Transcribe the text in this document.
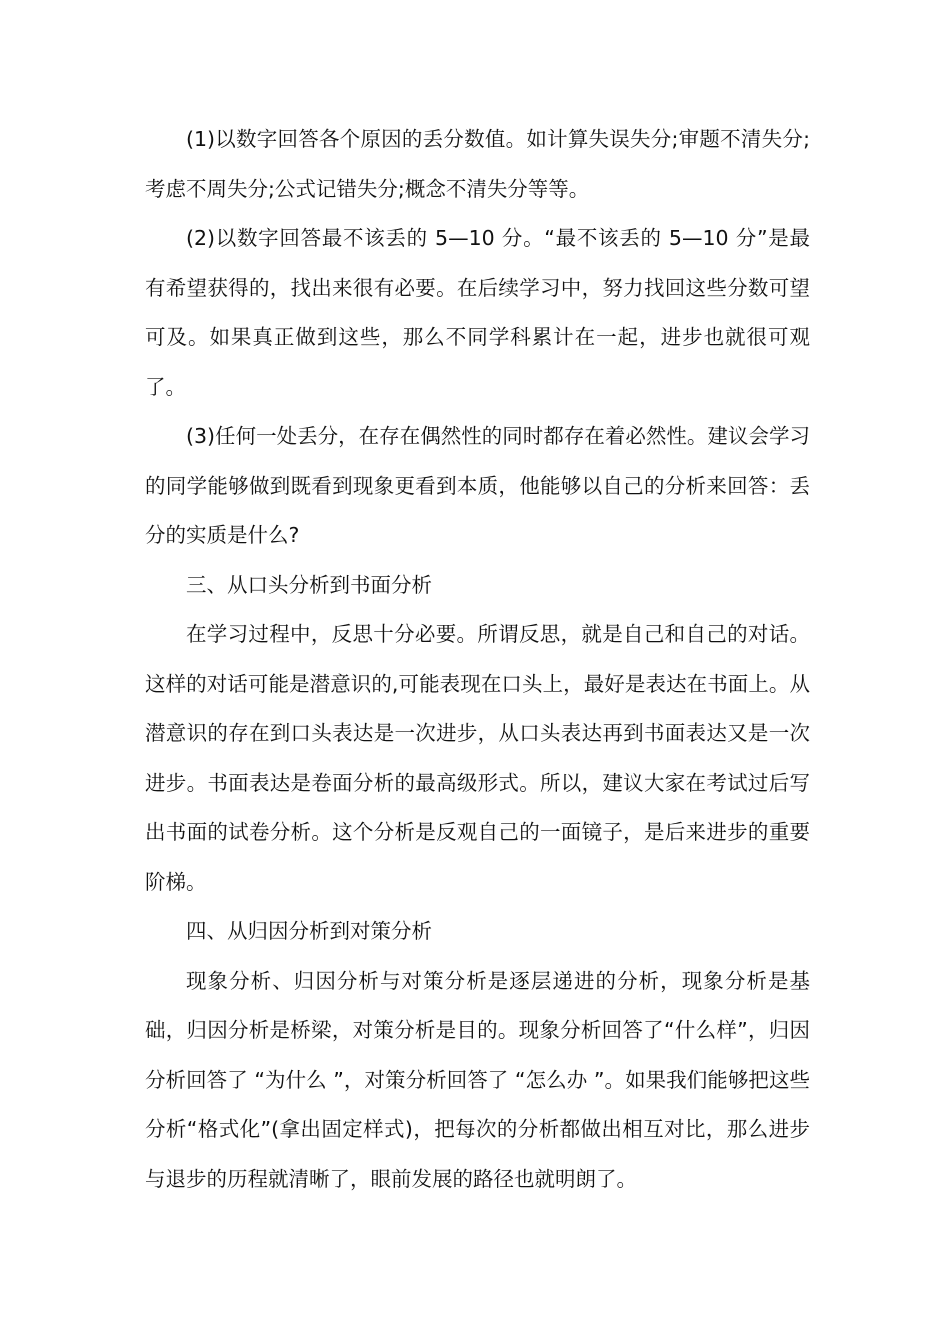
(1)以数字回答各个原因的丢分数值。如计算失误失分;审题不清失分;考虑不周失分;公式记错失分;概念不清失分等等。

(2)以数字回答最不该丢的 5—10 分。“最不该丢的 5—10 分”是最有希望获得的，找出来很有必要。在后续学习中，努力找回这些分数可望可及。如果真正做到这些，那么不同学科累计在一起，进步也就很可观了。

(3)任何一处丢分，在存在偶然性的同时都存在着必然性。建议会学习的同学能够做到既看到现象更看到本质，他能够以自己的分析来回答：丢分的实质是什么?

三、从口头分析到书面分析

在学习过程中，反思十分必要。所谓反思，就是自己和自己的对话。这样的对话可能是潜意识的,可能表现在口头上，最好是表达在书面上。从潜意识的存在到口头表达是一次进步，从口头表达再到书面表达又是一次进步。书面表达是卷面分析的最高级形式。所以，建议大家在考试过后写出书面的试卷分析。这个分析是反观自己的一面镜子，是后来进步的重要阶梯。

四、从归因分析到对策分析

现象分析、归因分析与对策分析是逐层递进的分析，现象分析是基础，归因分析是桥梁，对策分析是目的。现象分析回答了“什么样”，归因分析回答了 “为什么 ”，对策分析回答了 “怎么办 ”。如果我们能够把这些分析“格式化”(拿出固定样式)，把每次的分析都做出相互对比，那么进步与退步的历程就清晰了，眼前发展的路径也就明朗了。
